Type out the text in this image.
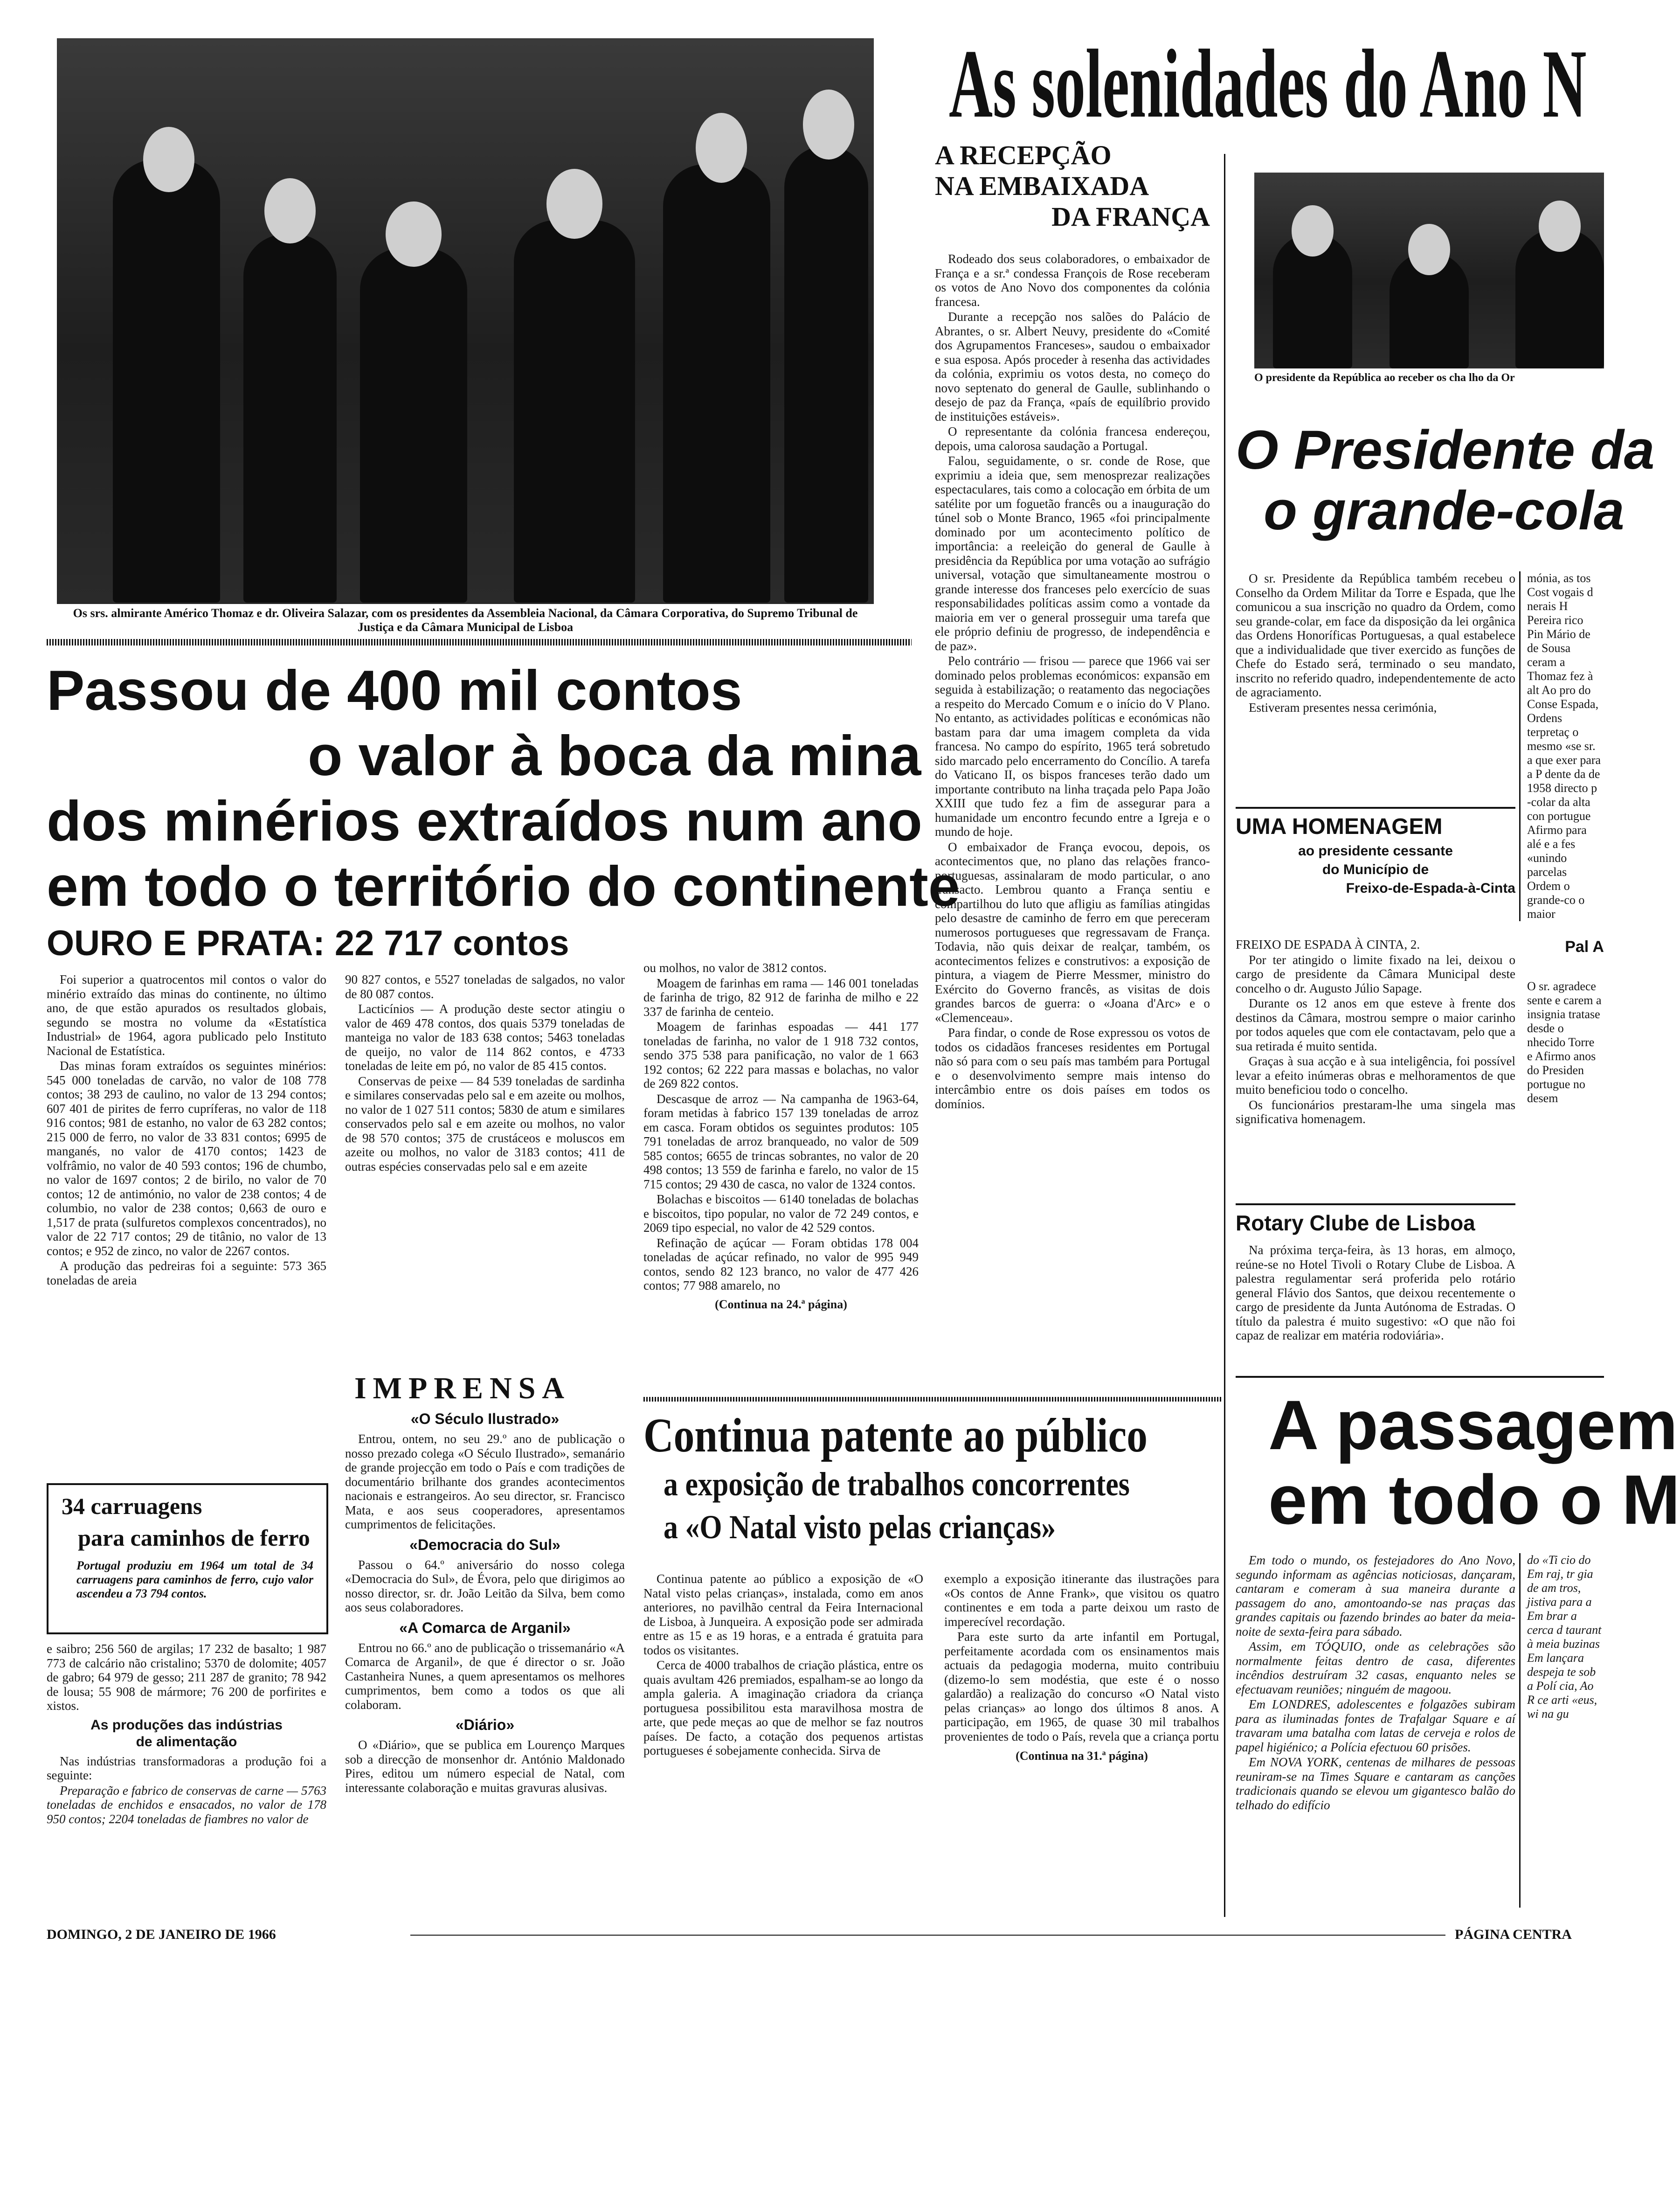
Os srs. almirante Américo Thomaz e dr. Oliveira Salazar, com os presidentes da Assembleia Nacional, da Câmara Corporativa, do Supremo Tribunal de Justiça e da Câmara Municipal de Lisboa
As solenidades do Ano N
A RECEPÇÃO
NA EMBAIXADA
DA FRANÇA

Rodeado dos seus colaboradores, o embaixador de França e a sr.ª condessa François de Rose receberam os votos de Ano Novo dos componentes da colónia francesa.

Durante a recepção nos salões do Palácio de Abrantes, o sr. Albert Neuvy, presidente do «Comité dos Agrupamentos Franceses», saudou o embaixador e sua esposa. Após proceder à resenha das actividades da colónia, exprimiu os votos desta, no começo do novo septenato do general de Gaulle, sublinhando o desejo de paz da França, «país de equilíbrio provido de instituições estáveis».

O representante da colónia francesa endereçou, depois, uma calorosa saudação a Portugal.

Falou, seguidamente, o sr. conde de Rose, que exprimiu a ideia que, sem menosprezar realizações espectaculares, tais como a colocação em órbita de um satélite por um foguetão francês ou a inauguração do túnel sob o Monte Branco, 1965 «foi principalmente dominado por um acontecimento político de importância: a reeleição do general de Gaulle à presidência da República por uma votação ao sufrágio universal, votação que simultaneamente mostrou o grande interesse dos franceses pelo exercício de suas responsabilidades políticas assim como a vontade da maioria em ver o general prosseguir uma tarefa que ele próprio definiu de progresso, de independência e de paz».

Pelo contrário — frisou — parece que 1966 vai ser dominado pelos problemas económicos: expansão em seguida à estabilização; o reatamento das negociações a respeito do Mercado Comum e o início do V Plano. No entanto, as actividades políticas e económicas não bastam para dar uma imagem completa da vida francesa. No campo do espírito, 1965 terá sobretudo sido marcado pelo encerramento do Concílio. A tarefa do Vaticano II, os bispos franceses terão dado um importante contributo na linha traçada pelo Papa João XXIII que tudo fez a fim de assegurar para a humanidade um encontro fecundo entre a Igreja e o mundo de hoje.

O embaixador de França evocou, depois, os acontecimentos que, no plano das relações franco-portuguesas, assinalaram de modo particular, o ano transacto. Lembrou quanto a França sentiu e compartilhou do luto que afligiu as famílias atingidas pelo desastre de caminho de ferro em que pereceram numerosos portugueses que regressavam de França. Todavia, não quis deixar de realçar, também, os acontecimentos felizes e construtivos: a exposição de pintura, a viagem de Pierre Messmer, ministro do Exército do Governo francês, as visitas de dois grandes barcos de guerra: o «Joana d'Arc» e o «Clemenceau».

Para findar, o conde de Rose expressou os votos de todos os cidadãos franceses residentes em Portugal não só para com o seu país mas também para Portugal e o desenvolvimento sempre mais intenso do intercâmbio entre os dois países em todos os domínios.

O presidente da República ao receber os cha lho da Or
O Presidente da
o grande-cola

O sr. Presidente da República também recebeu o Conselho da Ordem Militar da Torre e Espada, que lhe comunicou a sua inscrição no quadro da Ordem, como seu grande-colar, em face da disposição da lei orgânica das Ordens Honoríficas Portuguesas, a qual estabelece que a individualidade que tiver exercido as funções de Chefe do Estado será, terminado o seu mandato, inscrito no referido quadro, independentemente de acto de agraciamento.

Estiveram presentes nessa cerimónia,

mónia, as tos Cost vogais d nerais H Pereira rico Pin Mário de de Sousa ceram a Thomaz fez à alt Ao pro do Conse Espada, Ordens terpretaç o mesmo «se sr. a que exer para a P dente da de 1958 directo p -colar da alta con portugue Afirmo para alé e a fes «unindo parcelas Ordem o grande-co o maior

UMA HOMENAGEM
ao presidente cessante
do Município de
Freixo-de-Espada-à-Cinta

FREIXO DE ESPADA À CINTA, 2.

Por ter atingido o limite fixado na lei, deixou o cargo de presidente da Câmara Municipal deste concelho o dr. Augusto Júlio Sapage.

Durante os 12 anos em que esteve à frente dos destinos da Câmara, mostrou sempre o maior carinho por todos aqueles que com ele contactavam, pelo que a sua retirada é muito sentida.

Graças à sua acção e à sua inteligência, foi possível levar a efeito inúmeras obras e melhoramentos de que muito beneficiou todo o concelho.

Os funcionários prestaram-lhe uma singela mas significativa homenagem.

Rotary Clube de Lisboa

Na próxima terça-feira, às 13 horas, em almoço, reúne-se no Hotel Tivoli o Rotary Clube de Lisboa. A palestra regulamentar será proferida pelo rotário general Flávio dos Santos, que deixou recentemente o cargo de presidente da Junta Autónoma de Estradas. O título da palestra é muito sugestivo: «O que não foi capaz de realizar em matéria rodoviária».

Pal A

O sr. agradece sente e carem a insignia tratase desde o nhecido Torre e Afirmo anos do Presiden portugue no desem

A passagem
em todo o M

Em todo o mundo, os festejadores do Ano Novo, segundo informam as agências noticiosas, dançaram, cantaram e comeram à sua maneira durante a passagem do ano, amontoando-se nas praças das grandes capitais ou fazendo brindes ao bater da meia-noite de sexta-feira para sábado.

Assim, em TÓQUIO, onde as celebrações são normalmente feitas dentro de casa, diferentes incêndios destruíram 32 casas, enquanto neles se efectuavam reuniões; ninguém de magoou.

Em LONDRES, adolescentes e folgazões subiram para as iluminadas fontes de Trafalgar Square e aí travaram uma batalha com latas de cerveja e rolos de papel higiénico; a Polícia efectuou 60 prisões.

Em NOVA YORK, centenas de milhares de pessoas reuniram-se na Times Square e cantaram as canções tradicionais quando se elevou um gigantesco balão do telhado do edifício

do «Ti cio do Em raj, tr gia de am tros, jistiva para a Em brar a cerca d taurant à meia buzinas Em lançara despeja te sob a Polí cia, Ao R ce arti «eus, wi na gu

Passou de 400 mil contos
o valor à boca da mina
dos minérios extraídos num ano
em todo o território do continente
OURO E PRATA: 22 717 contos

Foi superior a quatrocentos mil contos o valor do minério extraído das minas do continente, no último ano, de que estão apurados os resultados globais, segundo se mostra no volume da «Estatística Industrial» de 1964, agora publicado pelo Instituto Nacional de Estatística.

Das minas foram extraídos os seguintes minérios: 545 000 toneladas de carvão, no valor de 108 778 contos; 38 293 de caulino, no valor de 13 294 contos; 607 401 de pirites de ferro cupríferas, no valor de 118 916 contos; 981 de estanho, no valor de 63 282 contos; 215 000 de ferro, no valor de 33 831 contos; 6995 de manganés, no valor de 4170 contos; 1423 de volfrâmio, no valor de 40 593 contos; 196 de chumbo, no valor de 1697 contos; 2 de birilo, no valor de 70 contos; 12 de antimónio, no valor de 238 contos; 4 de columbio, no valor de 238 contos; 0,663 de ouro e 1,517 de prata (sulfuretos complexos concentrados), no valor de 22 717 contos; 29 de titânio, no valor de 13 contos; e 952 de zinco, no valor de 2267 contos.

A produção das pedreiras foi a seguinte: 573 365 toneladas de areia

34 carruagens
para caminhos de ferro
Portugal produziu em 1964 um total de 34 carruagens para caminhos de ferro, cujo valor ascendeu a 73 794 contos.

e saibro; 256 560 de argilas; 17 232 de basalto; 1 987 773 de calcário não cristalino; 5370 de dolomite; 4057 de gabro; 64 979 de gesso; 211 287 de granito; 78 942 de lousa; 55 908 de mármore; 76 200 de porfirites e xistos.

As produções das indústrias
de alimentação

Nas indústrias transformadoras a produção foi a seguinte:

Preparação e fabrico de conservas de carne — 5763 toneladas de enchidos e ensacados, no valor de 178 950 contos; 2204 toneladas de fiambres no valor de

90 827 contos, e 5527 toneladas de salgados, no valor de 80 087 contos.

Lacticínios — A produção deste sector atingiu o valor de 469 478 contos, dos quais 5379 toneladas de manteiga no valor de 183 638 contos; 5463 toneladas de queijo, no valor de 114 862 contos, e 4733 toneladas de leite em pó, no valor de 85 415 contos.

Conservas de peixe — 84 539 toneladas de sardinha e similares conservadas pelo sal e em azeite ou molhos, no valor de 1 027 511 contos; 5830 de atum e similares conservados pelo sal e em azeite ou molhos, no valor de 98 570 contos; 375 de crustáceos e moluscos em azeite ou molhos, no valor de 3183 contos; 411 de outras espécies conservadas pelo sal e em azeite

ou molhos, no valor de 3812 contos.

Moagem de farinhas em rama — 146 001 toneladas de farinha de trigo, 82 912 de farinha de milho e 22 337 de farinha de centeio.

Moagem de farinhas espoadas — 441 177 toneladas de farinha, no valor de 1 918 732 contos, sendo 375 538 para panificação, no valor de 1 663 192 contos; 62 222 para massas e bolachas, no valor de 269 822 contos.

Descasque de arroz — Na campanha de 1963-64, foram metidas à fabrico 157 139 toneladas de arroz em casca. Foram obtidos os seguintes produtos: 105 791 toneladas de arroz branqueado, no valor de 509 585 contos; 6655 de trincas sobrantes, no valor de 20 498 contos; 13 559 de farinha e farelo, no valor de 15 715 contos; 29 430 de casca, no valor de 1324 contos.

Bolachas e biscoitos — 6140 toneladas de bolachas e biscoitos, tipo popular, no valor de 72 249 contos, e 2069 tipo especial, no valor de 42 529 contos.

Refinação de açúcar — Foram obtidas 178 004 toneladas de açúcar refinado, no valor de 995 949 contos, sendo 82 123 branco, no valor de 477 426 contos; 77 988 amarelo, no

(Continua na 24.ª página)
IMPRENSA
«O Século Ilustrado»

Entrou, ontem, no seu 29.º ano de publicação o nosso prezado colega «O Século Ilustrado», semanário de grande projecção em todo o País e com tradições de documentário brilhante dos grandes acontecimentos nacionais e estrangeiros. Ao seu director, sr. Francisco Mata, e aos seus cooperadores, apresentamos cumprimentos de felicitações.

«Democracia do Sul»

Passou o 64.º aniversário do nosso colega «Democracia do Sul», de Évora, pelo que dirigimos ao nosso director, sr. dr. João Leitão da Silva, bem como aos seus colaboradores.

«A Comarca de Arganil»

Entrou no 66.º ano de publicação o trissemanário «A Comarca de Arganil», de que é director o sr. João Castanheira Nunes, a quem apresentamos os melhores cumprimentos, bem como a todos os que ali colaboram.

«Diário»

O «Diário», que se publica em Lourenço Marques sob a direcção de monsenhor dr. António Maldonado Pires, editou um número especial de Natal, com interessante colaboração e muitas gravuras alusivas.

Continua patente ao público
a exposição de trabalhos concorrentes
a «O Natal visto pelas crianças»

Continua patente ao público a exposição de «O Natal visto pelas crianças», instalada, como em anos anteriores, no pavilhão central da Feira Internacional de Lisboa, à Junqueira. A exposição pode ser admirada entre as 15 e as 19 horas, e a entrada é gratuita para todos os visitantes.

Cerca de 4000 trabalhos de criação plástica, entre os quais avultam 426 premiados, espalham-se ao longo da ampla galeria. A imaginação criadora da criança portuguesa possibilitou esta maravilhosa mostra de arte, que pede meças ao que de melhor se faz noutros países. De facto, a cotação dos pequenos artistas portugueses é sobejamente conhecida. Sirva de

exemplo a exposição itinerante das ilustrações para «Os contos de Anne Frank», que visitou os quatro continentes e em toda a parte deixou um rasto de imperecível recordação.

Para este surto da arte infantil em Portugal, perfeitamente acordada com os ensinamentos mais actuais da pedagogia moderna, muito contribuiu (dizemo-lo sem modéstia, que este é o nosso galardão) a realização do concurso «O Natal visto pelas crianças» ao longo dos últimos 8 anos. A participação, em 1965, de quase 30 mil trabalhos provenientes de todo o País, revela que a criança portu

(Continua na 31.ª página)
DOMINGO, 2 DE JANEIRO DE 1966	PÁGINA CENTRA
